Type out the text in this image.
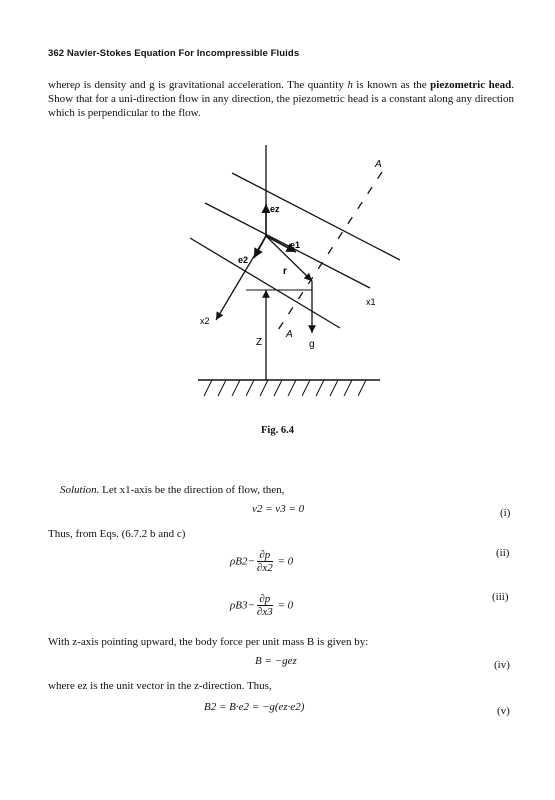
362 Navier-Stokes Equation For Incompressible Fluids
whereρ is density and g is gravitational acceleration. The quantity h is known as the piezometric head. Show that for a uni-direction flow in any direction, the piezometric head is a constant along any direction which is perpendicular to the flow.
A
A
ez
e1
e2
r
x1
x2
Z	g
Fig. 6.4
Solution. Let x1-axis be the direction of flow, then,
v2 = v3 = 0	(i)
Thus, from Eqs. (6.7.2 b and c)
$\rho B2- \frac{\partial p}{\partial x2} = 0$
(ii)
$\rho B3- \frac{\partial p}{\partial x3} = 0$
(iii)
With z-axis pointing upward, the body force per unit mass B is given by:
B = −gez	(iv)
where ez is the unit vector in the z-direction. Thus,
B2 = B·e2 = −g(ez·e2)	(v)
